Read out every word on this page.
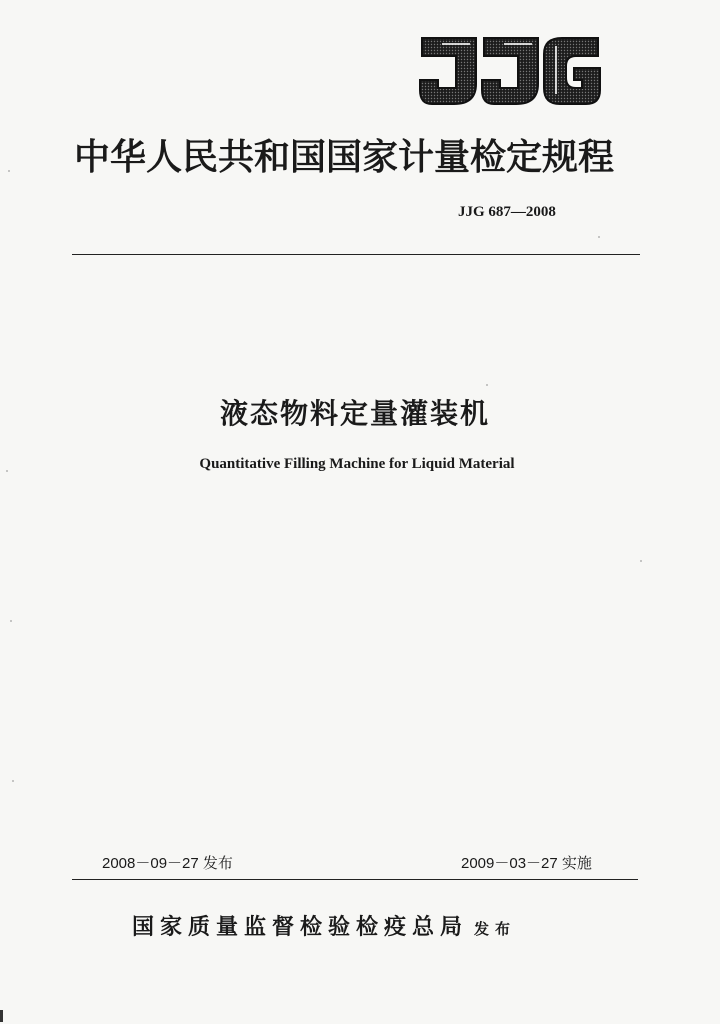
JJG
中华人民共和国国家计量检定规程
JJG 687—2008
液态物料定量灌装机
Quantitative Filling Machine for Liquid Material
2008－09－27 发布	2009－03－27 实施
国家质量监督检验检疫总局 发布
